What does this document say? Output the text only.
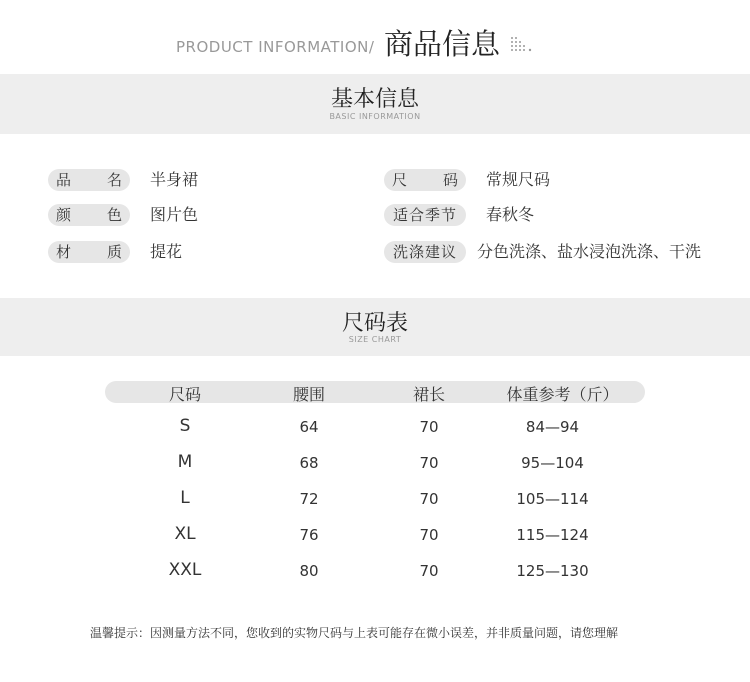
PRODUCT INFORMATION/ 商品信息
基本信息
BASIC INFORMATION
品 名 半身裙
颜 色 图片色
材 质 提花
尺 码 常规尺码
适合季节 春秋冬
洗涤建议 分色洗涤、盐水浸泡洗涤、干洗
尺码表
SIZE CHART
尺码	腰围	裙长	体重参考（斤）
S	64	70	84—94
M	68	70	95—104
L	72	70	105—114
XL	76	70	115—124
XXL	80	70	125—130
温馨提示：因测量方法不同，您收到的实物尺码与上表可能存在微小误差，并非质量问题，请您理解
